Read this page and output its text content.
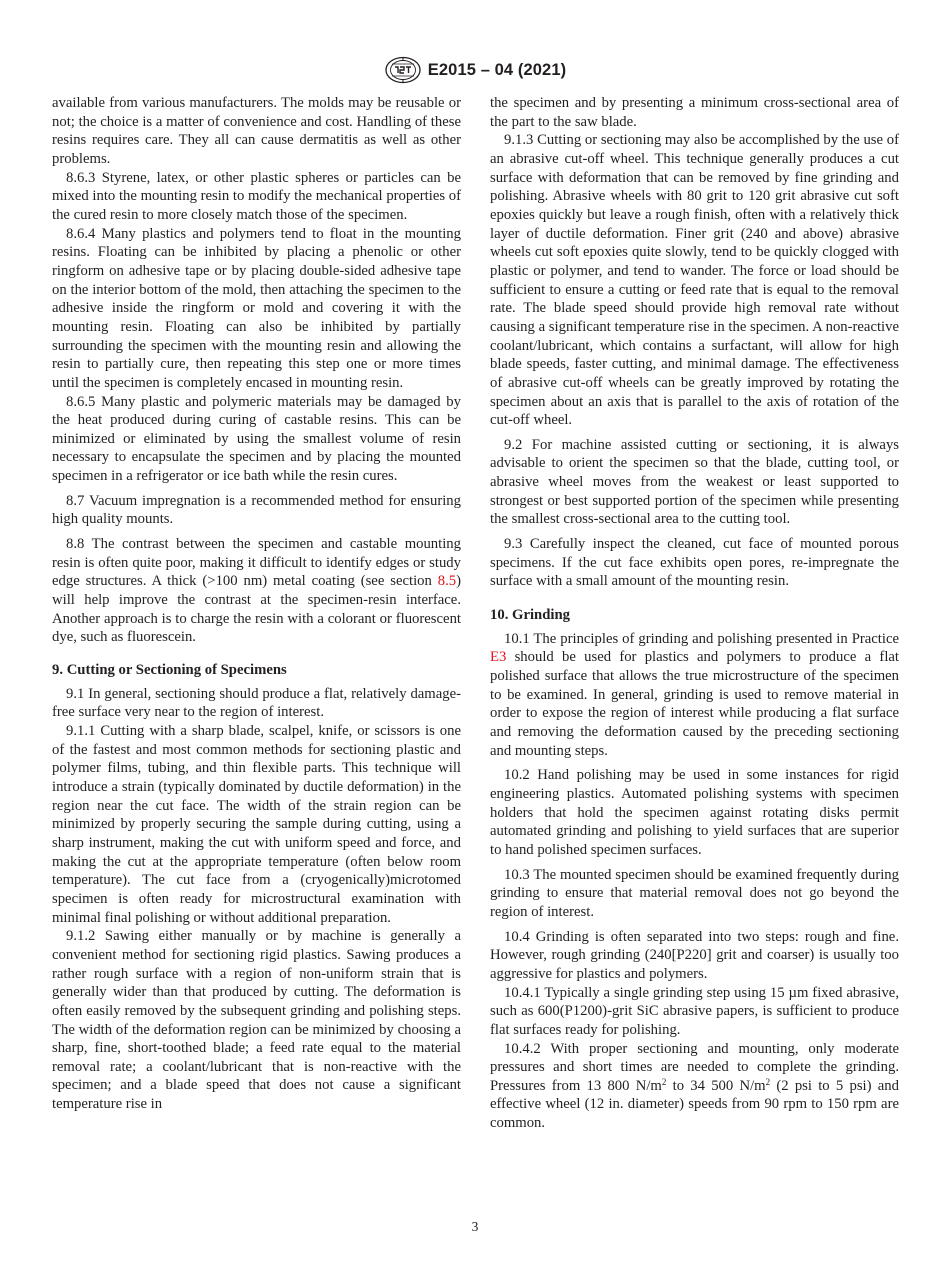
E2015 – 04 (2021)

available from various manufacturers. The molds may be reusable or not; the choice is a matter of convenience and cost. Handling of these resins requires care. They all can cause dermatitis as well as other problems.

8.6.3 Styrene, latex, or other plastic spheres or particles can be mixed into the mounting resin to modify the mechanical properties of the cured resin to more closely match those of the specimen.

8.6.4 Many plastics and polymers tend to float in the mounting resins. Floating can be inhibited by placing a phenolic or other ringform on adhesive tape or by placing double-sided adhesive tape on the interior bottom of the mold, then attaching the specimen to the adhesive inside the ringform or mold and covering it with the mounting resin. Floating can also be inhibited by partially surrounding the specimen with the mounting resin and allowing the resin to partially cure, then repeating this step one or more times until the specimen is completely encased in mounting resin.

8.6.5 Many plastic and polymeric materials may be damaged by the heat produced during curing of castable resins. This can be minimized or eliminated by using the smallest volume of resin necessary to encapsulate the specimen and by placing the mounted specimen in a refrigerator or ice bath while the resin cures.

8.7 Vacuum impregnation is a recommended method for ensuring high quality mounts.

8.8 The contrast between the specimen and castable mounting resin is often quite poor, making it difficult to identify edges or study edge structures. A thick (>100 nm) metal coating (see section 8.5) will help improve the contrast at the specimen-resin interface. Another approach is to charge the resin with a colorant or fluorescent dye, such as fluorescein.

9. Cutting or Sectioning of Specimens

9.1 In general, sectioning should produce a flat, relatively damage-free surface very near to the region of interest.

9.1.1 Cutting with a sharp blade, scalpel, knife, or scissors is one of the fastest and most common methods for sectioning plastic and polymer films, tubing, and thin flexible parts. This technique will introduce a strain (typically dominated by ductile deformation) in the region near the cut face. The width of the strain region can be minimized by properly securing the sample during cutting, using a sharp instrument, making the cut with uniform speed and force, and making the cut at the appropriate temperature (often below room temperature). The cut face from a (cryogenically)microtomed specimen is often ready for microstructural examination with minimal final polishing or without additional preparation.

9.1.2 Sawing either manually or by machine is generally a convenient method for sectioning rigid plastics. Sawing produces a rather rough surface with a region of non-uniform strain that is generally wider than that produced by cutting. The deformation is often easily removed by the subsequent grinding and polishing steps. The width of the deformation region can be minimized by choosing a sharp, fine, short-toothed blade; a feed rate equal to the material removal rate; a coolant/lubricant that is non-reactive with the specimen; and a blade speed that does not cause a significant temperature rise in

the specimen and by presenting a minimum cross-sectional area of the part to the saw blade.

9.1.3 Cutting or sectioning may also be accomplished by the use of an abrasive cut-off wheel. This technique generally produces a cut surface with deformation that can be removed by fine grinding and polishing. Abrasive wheels with 80 grit to 120 grit abrasive cut soft epoxies quickly but leave a rough finish, often with a relatively thick layer of ductile deformation. Finer grit (240 and above) abrasive wheels cut soft epoxies quite slowly, tend to be quickly clogged with plastic or polymer, and tend to wander. The force or load should be sufficient to ensure a cutting or feed rate that is equal to the removal rate. The blade speed should provide high removal rate without causing a significant temperature rise in the specimen. A non-reactive coolant/lubricant, which contains a surfactant, will allow for high blade speeds, faster cutting, and minimal damage. The effectiveness of abrasive cut-off wheels can be greatly improved by rotating the specimen about an axis that is parallel to the axis of rotation of the cut-off wheel.

9.2 For machine assisted cutting or sectioning, it is always advisable to orient the specimen so that the blade, cutting tool, or abrasive wheel moves from the weakest or least supported to strongest or best supported portion of the specimen while presenting the smallest cross-sectional area to the cutting tool.

9.3 Carefully inspect the cleaned, cut face of mounted porous specimens. If the cut face exhibits open pores, re-impregnate the surface with a small amount of the mounting resin.

10. Grinding

10.1 The principles of grinding and polishing presented in Practice E3 should be used for plastics and polymers to produce a flat polished surface that allows the true microstructure of the specimen to be examined. In general, grinding is used to remove material in order to expose the region of interest while producing a flat surface and removing the deformation caused by the preceding sectioning and mounting steps.

10.2 Hand polishing may be used in some instances for rigid engineering plastics. Automated polishing systems with specimen holders that hold the specimen against rotating disks permit automated grinding and polishing to yield surfaces that are superior to hand polished specimen surfaces.

10.3 The mounted specimen should be examined frequently during grinding to ensure that material removal does not go beyond the region of interest.

10.4 Grinding is often separated into two steps: rough and fine. However, rough grinding (240[P220] grit and coarser) is usually too aggressive for plastics and polymers.

10.4.1 Typically a single grinding step using 15 µm fixed abrasive, such as 600(P1200)-grit SiC abrasive papers, is sufficient to produce flat surfaces ready for polishing.

10.4.2 With proper sectioning and mounting, only moderate pressures and short times are needed to complete the grinding. Pressures from 13 800 $N/m^2$ to 34 500 $N/m^2$ (2 psi to 5 psi) and effective wheel (12 in. diameter) speeds from 90 rpm to 150 rpm are common.

3
